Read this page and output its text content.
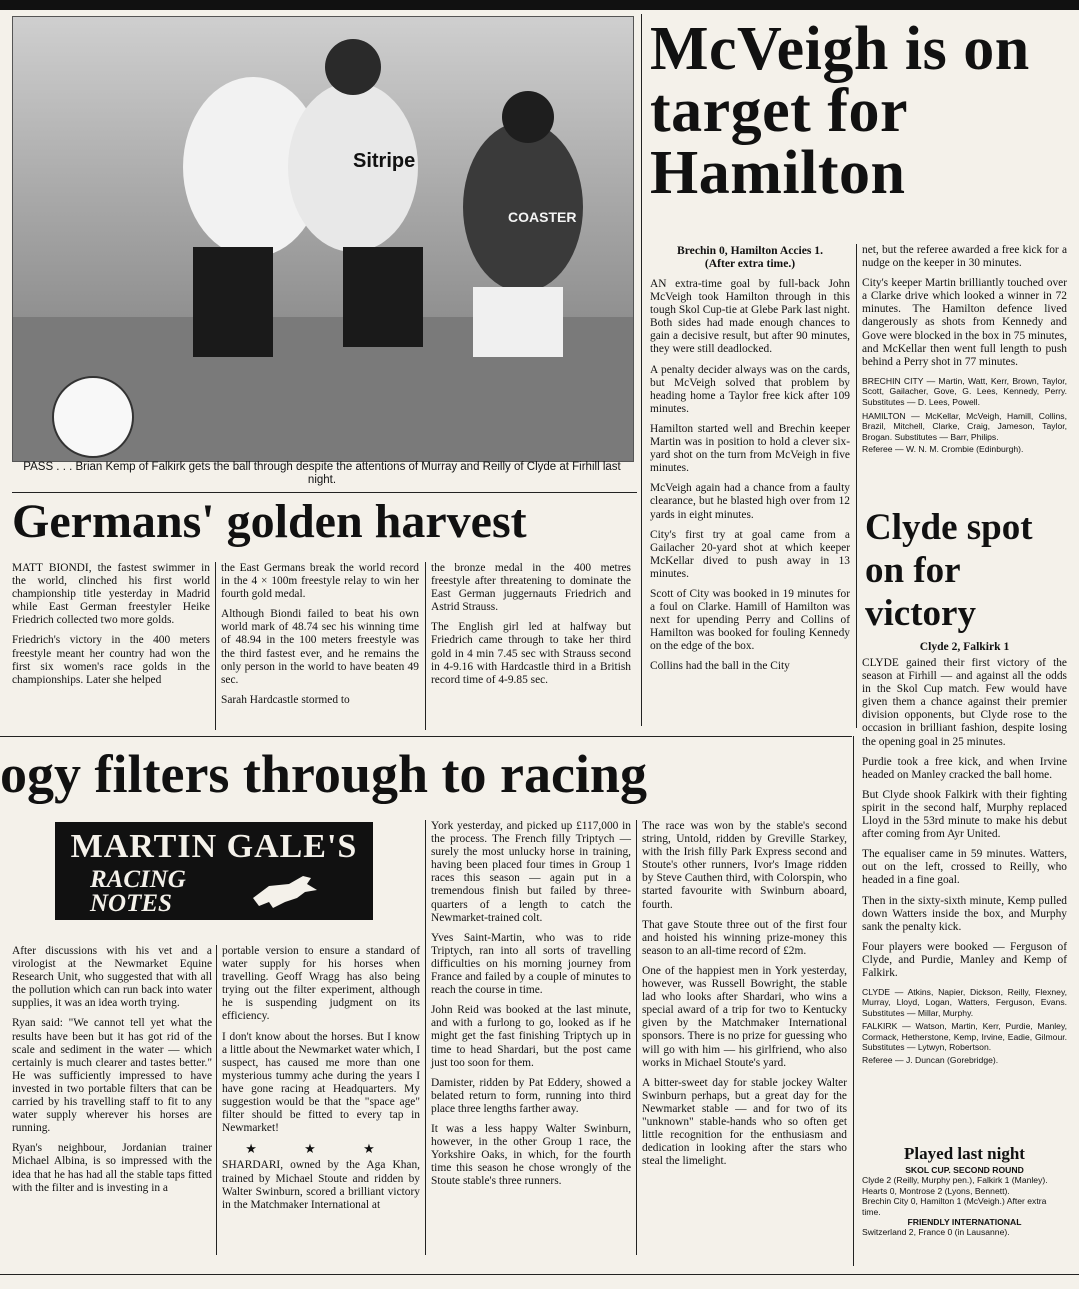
Sitripe
COASTER
PASS . . . Brian Kemp of Falkirk gets the ball through despite the attentions of Murray and Reilly of Clyde at Firhill last night.
McVeigh is on target for Hamilton
Brechin 0, Hamilton Accies 1.
(After extra time.)

AN extra-time goal by full-back John McVeigh took Hamilton through in this tough Skol Cup-tie at Glebe Park last night. Both sides had made enough chances to gain a decisive result, but after 90 minutes, they were still deadlocked.

A penalty decider always was on the cards, but McVeigh solved that problem by heading home a Taylor free kick after 109 minutes.

Hamilton started well and Brechin keeper Martin was in position to hold a clever six-yard shot on the turn from McVeigh in five minutes.

McVeigh again had a chance from a faulty clearance, but he blasted high over from 12 yards in eight minutes.

City's first try at goal came from a Gailacher 20-yard shot at which keeper McKellar dived to push away in 13 minutes.

Scott of City was booked in 19 minutes for a foul on Clarke. Hamill of Hamilton was next for upending Perry and Collins of Hamilton was booked for fouling Kennedy on the edge of the box.

Collins had the ball in the City

net, but the referee awarded a free kick for a nudge on the keeper in 30 minutes.

City's keeper Martin brilliantly touched over a Clarke drive which looked a winner in 72 minutes. The Hamilton defence lived dangerously as shots from Kennedy and Gove were blocked in the box in 75 minutes, and McKellar then went full length to push behind a Perry shot in 77 minutes.

BRECHIN CITY — Martin, Watt, Kerr, Brown, Taylor, Scott, Gailacher, Gove, G. Lees, Kennedy, Perry. Substitutes — D. Lees, Powell.
HAMILTON — McKellar, McVeigh, Hamill, Collins, Brazil, Mitchell, Clarke, Craig, Jameson, Taylor, Brogan. Substitutes — Barr, Philips.
Referee — W. N. M. Crombie (Edinburgh).
Clyde spot on for victory
Clyde 2, Falkirk 1

CLYDE gained their first victory of the season at Firhill — and against all the odds in the Skol Cup match. Few would have given them a chance against their premier division opponents, but Clyde rose to the occasion in brilliant fashion, despite losing the opening goal in 25 minutes.

Purdie took a free kick, and when Irvine headed on Manley cracked the ball home.

But Clyde shook Falkirk with their fighting spirit in the second half, Murphy replaced Lloyd in the 53rd minute to make his debut after coming from Ayr United.

The equaliser came in 59 minutes. Watters, out on the left, crossed to Reilly, who headed in a fine goal.

Then in the sixty-sixth minute, Kemp pulled down Watters inside the box, and Murphy sank the penalty kick.

Four players were booked — Ferguson of Clyde, and Purdie, Manley and Kemp of Falkirk.

CLYDE — Atkins, Napier, Dickson, Reilly, Flexney, Murray, Lloyd, Logan, Watters, Ferguson, Evans. Substitutes — Millar, Murphy.
FALKIRK — Watson, Martin, Kerr, Purdie, Manley, Cormack, Hetherstone, Kemp, Irvine, Eadie, Gilmour. Substitutes — Lytwyn, Robertson.
Referee — J. Duncan (Gorebridge).
Played last night
SKOL CUP. SECOND ROUND
Clyde 2 (Reilly, Murphy pen.), Falkirk 1 (Manley).
Hearts 0, Montrose 2 (Lyons, Bennett).
Brechin City 0, Hamilton 1 (McVeigh.) After extra time.
FRIENDLY INTERNATIONAL
Switzerland 2, France 0 (in Lausanne).
Germans' golden harvest

MATT BIONDI, the fastest swimmer in the world, clinched his first world championship title yesterday in Madrid while East German freestyler Heike Friedrich collected two more golds.

Friedrich's victory in the 400 meters freestyle meant her country had won the first six women's race golds in the championships. Later she helped

the East Germans break the world record in the 4 × 100m freestyle relay to win her fourth gold medal.

Although Biondi failed to beat his own world mark of 48.74 sec his winning time of 48.94 in the 100 meters freestyle was the third fastest ever, and he remains the only person in the world to have beaten 49 sec.

Sarah Hardcastle stormed to

the bronze medal in the 400 metres freestyle after threatening to dominate the East German juggernauts Friedrich and Astrid Strauss.

The English girl led at halfway but Friedrich came through to take her third gold in 4 min 7.45 sec with Strauss second in 4-9.16 with Hardcastle third in a British record time of 4-9.85 sec.

ogy filters through to racing
MARTIN GALE'S
RACING
NOTES

After discussions with his vet and a virologist at the Newmarket Equine Research Unit, who suggested that with all the pollution which can run back into water supplies, it was an idea worth trying.

Ryan said: "We cannot tell yet what the results have been but it has got rid of the scale and sediment in the water — which certainly is much clearer and tastes better." He was sufficiently impressed to have invested in two portable filters that can be carried by his travelling staff to fit to any water supply wherever his horses are running.

Ryan's neighbour, Jordanian trainer Michael Albina, is so impressed with the idea that he has had all the stable taps fitted with the filter and is investing in a

portable version to ensure a standard of water supply for his horses when travelling. Geoff Wragg has also being trying out the filter experiment, although he is suspending judgment on its efficiency.

I don't know about the horses. But I know a little about the Newmarket water which, I suspect, has caused me more than one mysterious tummy ache during the years I have gone racing at Headquarters. My suggestion would be that the "space age" filter should be fitted to every tap in Newmarket!

★ ★ ★

SHARDARI, owned by the Aga Khan, trained by Michael Stoute and ridden by Walter Swinburn, scored a brilliant victory in the Matchmaker International at

York yesterday, and picked up £117,000 in the process. The French filly Triptych — surely the most unlucky horse in training, having been placed four times in Group 1 races this season — again put in a tremendous finish but failed by three-quarters of a length to catch the Newmarket-trained colt.

Yves Saint-Martin, who was to ride Triptych, ran into all sorts of travelling difficulties on his morning journey from France and failed by a couple of minutes to reach the course in time.

John Reid was booked at the last minute, and with a furlong to go, looked as if he might get the fast finishing Triptych up in time to head Shardari, but the post came just too soon for them.

Damister, ridden by Pat Eddery, showed a belated return to form, running into third place three lengths farther away.

It was a less happy Walter Swinburn, however, in the other Group 1 race, the Yorkshire Oaks, in which, for the fourth time this season he chose wrongly of the Stoute stable's three runners.

The race was won by the stable's second string, Untold, ridden by Greville Starkey, with the Irish filly Park Express second and Stoute's other runners, Ivor's Image ridden by Steve Cauthen third, with Colorspin, who started favourite with Swinburn aboard, fourth.

That gave Stoute three out of the first four and hoisted his winning prize-money this season to an all-time record of £2m.

One of the happiest men in York yesterday, however, was Russell Bowright, the stable lad who looks after Shardari, who wins a special award of a trip for two to Kentucky given by the Matchmaker International sponsors. There is no prize for guessing who will go with him — his girlfriend, who also works in Michael Stoute's yard.

A bitter-sweet day for stable jockey Walter Swinburn perhaps, but a great day for the Newmarket stable — and for two of its "unknown" stable-hands who so often get little recognition for the enthusiasm and dedication in looking after the stars who steal the limelight.
